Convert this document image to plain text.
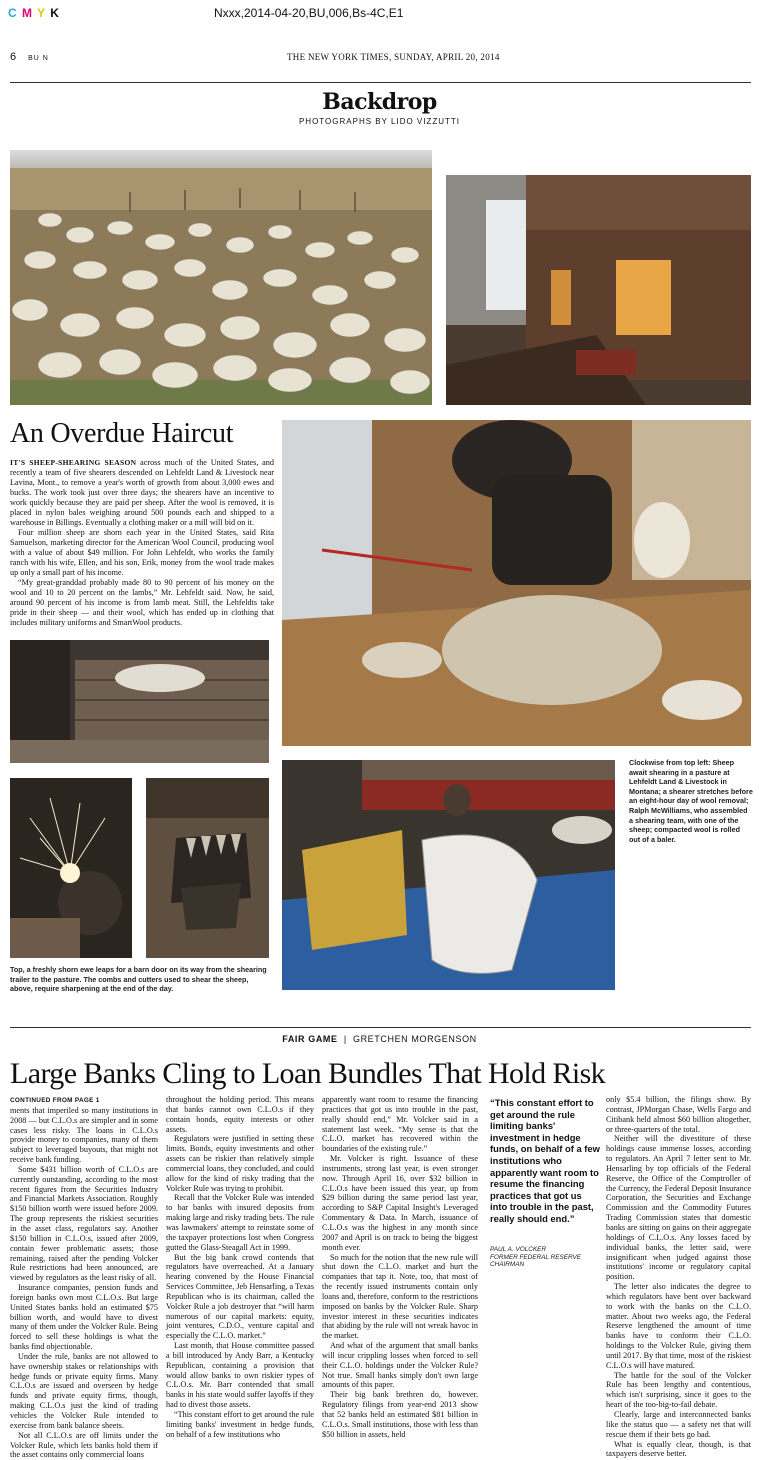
C M Y K	Nxxx,2014-04-20,BU,006,Bs-4C,E1
6 BU N	THE NEW YORK TIMES, SUNDAY, APRIL 20, 2014
Backdrop
PHOTOGRAPHS BY LIDO VIZZUTTI
An Overdue Haircut

IT'S SHEEP-SHEARING SEASON across much of the United States, and recently a team of five shearers descended on Lehfeldt Land & Livestock near Lavina, Mont., to remove a year's worth of growth from about 3,000 ewes and bucks. The work took just over three days; the shearers have an incentive to work quickly because they are paid per sheep. After the wool is removed, it is placed in nylon bales weighing around 500 pounds each and shipped to a warehouse in Billings. Eventually a clothing maker or a mill will bid on it.

Four million sheep are shorn each year in the United States, said Rita Samuelson, marketing director for the American Wool Council, producing wool with a value of about $49 million. For John Lehfeldt, who works the family ranch with his wife, Ellen, and his son, Erik, money from the wool trade makes up only a small part of his income.

“My great-granddad probably made 80 to 90 percent of his money on the wool and 10 to 20 percent on the lambs,” Mr. Lehfeldt said. Now, he said, around 90 percent of his income is from lamb meat. Still, the Lehfeldts take pride in their sheep — and their wool, which has ended up in clothing that includes military uniforms and SmartWool products.

Clockwise from top left: Sheep await shearing in a pasture at Lehfeldt Land & Livestock in Montana; a shearer stretches before an eight-hour day of wool removal; Ralph McWilliams, who assembled a shearing team, with one of the sheep; compacted wool is rolled out of a baler.
Top, a freshly shorn ewe leaps for a barn door on its way from the shearing trailer to the pasture. The combs and cutters used to shear the sheep, above, require sharpening at the end of the day.
FAIR GAME  |  GRETCHEN MORGENSON
Large Banks Cling to Loan Bundles That Hold Risk

CONTINUED FROM PAGE 1

ments that imperiled so many institutions in 2008 — but C.L.O.s are simpler and in some cases less risky. The loans in C.L.O.s provide money to companies, many of them subject to leveraged buyouts, that might not receive bank funding.

Some $431 billion worth of C.L.O.s are currently outstanding, according to the most recent figures from the Securities Industry and Financial Markets Association. Roughly $150 billion worth were issued before 2009. The group represents the riskiest securities in the asset class, regulators say. Another $150 billion in C.L.O.s, issued after 2009, contain fewer problematic assets; those remaining, raised after the pending Volcker Rule restrictions had been announced, are viewed by regulators as the least risky of all.

Insurance companies, pension funds and foreign banks own most C.L.O.s. But large United States banks hold an estimated $75 billion worth, and would have to divest many of them under the Volcker Rule. Being forced to sell these holdings is what the banks find objectionable.

Under the rule, banks are not allowed to have ownership stakes or relationships with hedge funds or private equity firms. Many C.L.O.s are issued and overseen by hedge funds and private equity firms, though, making C.L.O.s just the kind of trading vehicles the Volcker Rule intended to exercise from bank balance sheets.

Not all C.L.O.s are off limits under the Volcker Rule, which lets banks hold them if the asset contains only commercial loans

throughout the holding period. This means that banks cannot own C.L.O.s if they contain bonds, equity interests or other assets.

Regulators were justified in setting these limits. Bonds, equity investments and other assets can be riskier than relatively simple commercial loans, they concluded, and could allow for the kind of risky trading that the Volcker Rule was trying to prohibit.

Recall that the Volcker Rule was intended to bar banks with insured deposits from making large and risky trading bets. The rule was lawmakers' attempt to reinstate some of the taxpayer protections lost when Congress gutted the Glass-Steagall Act in 1999.

But the big bank crowd contends that regulators have overreached. At a January hearing convened by the House Financial Services Committee, Jeb Hensarling, a Texas Republican who is its chairman, called the Volcker Rule a job destroyer that “will harm numerous of our capital markets: equity, joint ventures, C.D.O., venture capital and especially the C.L.O. market.”

Last month, that House committee passed a bill introduced by Andy Barr, a Kentucky Republican, containing a provision that would allow banks to own riskier types of C.L.O.s. Mr. Barr contended that small banks in his state would suffer layoffs if they had to divest those assets.

“This constant effort to get around the rule limiting banks' investment in hedge funds, on behalf of a few institutions who

apparently want room to resume the financing practices that got us into trouble in the past, really should end,” Mr. Volcker said in a statement last week. “My sense is that the C.L.O. market has recovered within the boundaries of the existing rule.”

Mr. Volcker is right. Issuance of these instruments, strong last year, is even stronger now. Through April 16, over $32 billion in C.L.O.s have been issued this year, up from $29 billion during the same period last year, according to S&P Capital Insight's Leveraged Commentary & Data. In March, issuance of C.L.O.s was the highest in any month since 2007 and April is on track to being the biggest month ever.

So much for the notion that the new rule will shut down the C.L.O. market and hurt the companies that tap it. Note, too, that most of the recently issued instruments contain only loans and, therefore, conform to the restrictions imposed on banks by the Volcker Rule. Sharp investor interest in these securities indicates that abiding by the rule will not wreak havoc in the market.

And what of the argument that small banks will incur crippling losses when forced to sell their C.L.O. holdings under the Volcker Rule? Not true. Small banks simply don't own large amounts of this paper.

Their big bank brethren do, however. Regulatory filings from year-end 2013 show that 52 banks held an estimated $81 billion in C.L.O.s. Small institutions, those with less than $50 billion in assets, held

“This constant effort to get around the rule limiting banks' investment in hedge funds, on behalf of a few institutions who apparently want room to resume the financing practices that got us into trouble in the past, really should end.”
PAUL A. VOLCKER
FORMER FEDERAL RESERVE CHAIRMAN

only $5.4 billion, the filings show. By contrast, JPMorgan Chase, Wells Fargo and Citibank held almost $60 billion altogether, or three-quarters of the total.

Neither will the divestiture of these holdings cause immense losses, according to regulators. An April 7 letter sent to Mr. Hensarling by top officials of the Federal Reserve, the Office of the Comptroller of the Currency, the Federal Deposit Insurance Corporation, the Securities and Exchange Commission and the Commodity Futures Trading Commission states that domestic banks are sitting on gains on their aggregate holdings of C.L.O.s. Any losses faced by individual banks, the letter said, were insignificant when judged against those institutions' income or regulatory capital position.

The letter also indicates the degree to which regulators have bent over backward to work with the banks on the C.L.O. matter. About two weeks ago, the Federal Reserve lengthened the amount of time banks have to conform their C.L.O. holdings to the Volcker Rule, giving them until 2017. By that time, most of the riskiest C.L.O.s will have matured.

The battle for the soul of the Volcker Rule has been lengthy and contentious, which isn't surprising, since it goes to the heart of the too-big-to-fail debate.

Clearly, large and interconnected banks like the status quo — a safety net that will rescue them if their bets go bad.

What is equally clear, though, is that taxpayers deserve better.
